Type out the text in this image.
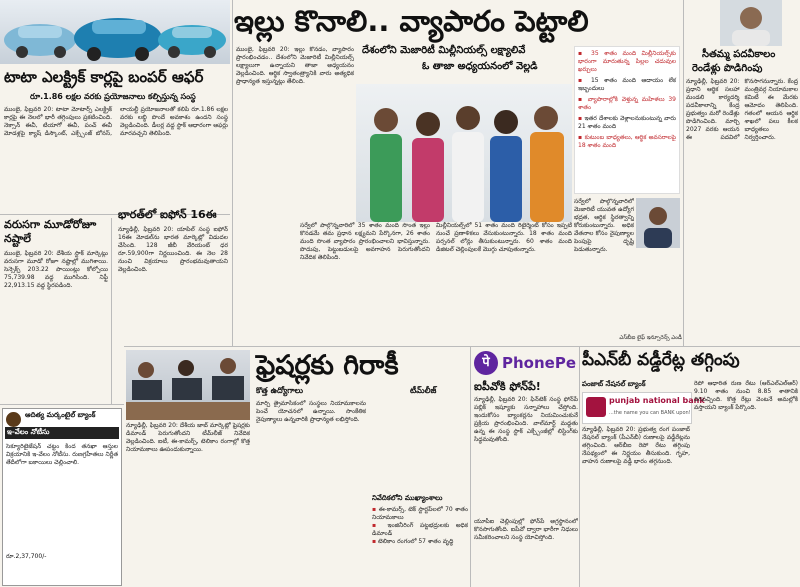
టాటా ఎలక్ట్రిక్ కార్లపై బంపర్ ఆఫర్
రూ.1.86 లక్షల వరకు ప్రయోజనాలు కల్పిస్తున్న సంస్థ
ముంబై, ఫిబ్రవరి 20: టాటా మోటార్స్ ఎలక్ట్రిక్ కార్లపై ఈ నెలలో భారీ తగ్గింపులు ప్రకటించింది. నెక్సాన్ ఈవీ, టియాగో ఈవీ, పంచ్ ఈవీ మోడళ్లపై క్యాష్ డిస్కౌంట్, ఎక్స్చేంజ్ బోనస్, లాయల్టీ ప్రయోజనాలతో కలిపి రూ.1.86 లక్షల వరకు లబ్ధి పొందే అవకాశం ఉందని సంస్థ వెల్లడించింది. డీలర్ల వద్ద స్టాక్ ఆధారంగా ఆఫర్లు మారవచ్చని తెలిపింది.
వరుసగా మూడోరోజూ నష్టాలే
ముంబై, ఫిబ్రవరి 20: దేశీయ స్టాక్ మార్కెట్లు వరుసగా మూడో రోజూ నష్టాల్లో ముగిశాయి. సెన్సెక్స్ 203.22 పాయింట్లు కోల్పోయి 75,739.98 వద్ద ముగిసింది. నిఫ్టీ 22,913.15 వద్ద స్థిరపడింది.
భారత్‌లో ఐఫోన్ 16ఈ
న్యూఢిల్లీ, ఫిబ్రవరి 20: యాపిల్ సంస్థ ఐఫోన్ 16ఈ మోడల్‌ను భారత మార్కెట్లో విడుదల చేసింది. 128 జీబీ వేరియంట్ ధర రూ.59,900గా నిర్ణయించింది. ఈ నెల 28 నుంచి విక్రయాలు ప్రారంభమవుతాయని వెల్లడించింది.
ఆదిత్య మర్కంటైల్ బ్యాంక్
ఇ-వేలం నోటీసు
సెక్యూరిటైజేషన్ చట్టం కింద తనఖా ఆస్తుల విక్రయానికి ఇ-వేలం నోటీసు. రుణగ్రహీతలు నిర్ణీత తేదీలోగా బకాయిలు చెల్లించాలి.
రూ.2,37,700/-
ఇల్లు కొనాలి.. వ్యాపారం పెట్టాలి
దేశంలోని మెజారిటీ మిల్లీనియల్స్ లక్ష్యాలివే
ఓ తాజా అధ్యయనంలో వెల్లడి
ముంబై, ఫిబ్రవరి 20: ఇల్లు కొనడం, వ్యాపారం ప్రారంభించడం.. దేశంలోని మెజారిటీ మిల్లీనియల్స్ లక్ష్యాలుగా ఉన్నాయని తాజా అధ్యయనం వెల్లడించింది. ఆర్థిక స్వాతంత్ర్యానికి వారు అత్యధిక ప్రాధాన్యత ఇస్తున్నట్లు తేలింది.
సర్వేలో పాల్గొన్నవారిలో 35 శాతం మంది సొంత ఇల్లు కొనడమే తమ ప్రధాన లక్ష్యమని పేర్కొనగా, 26 శాతం మంది సొంత వ్యాపారం ప్రారంభించాలని భావిస్తున్నారు. పొదుపు, పెట్టుబడులపై అవగాహన పెరుగుతోందని నివేదిక తెలిపింది.
మిల్లీనియల్స్‌లో 51 శాతం మంది రిటైర్మెంట్ కోసం ఇప్పటి నుంచే ప్రణాళికలు వేసుకుంటున్నారు. 18 శాతం మంది పర్సనల్ లోన్లు తీసుకుంటున్నారు. 60 శాతం మంది డిజిటల్ చెల్లింపులకే మొగ్గు చూపుతున్నారు.
▪ 35 శాతం మంది మిల్లీనియల్స్‌కు భారంగా మారుతున్న పిల్లల చదువుల ఖర్చులు
▪ 15 శాతం మంది ఆదాయం లేక ఇబ్బందులు
▪ వ్యాపారాల్లోకి వెళ్తున్న మహిళలు 39 శాతం
▪ ఇతర దేశాలకు వెళ్లాలనుకుంటున్న వారు 21 శాతం మంది
▪ కుటుంబ బాధ్యతలు, ఆర్థిక అవసరాలపై 18 శాతం మంది
సర్వేలో పాల్గొన్నవారిలో మెజారిటీ యువత ఉద్యోగ భద్రత, ఆర్థిక స్థిరత్వాన్ని కోరుకుంటున్నారు. అధిక వేతనాల కోసం నైపుణ్యాల పెంపుపై దృష్టి పెడుతున్నారు.
ఎస్‌బీఐ లైఫ్ ఇన్సూరెన్స్ ఎండీ
సీతమ్మ పదవీకాలం
రెండేళ్లు పొడిగింపు
న్యూఢిల్లీ, ఫిబ్రవరి 20: ప్రధాని ఆర్థిక సలహా మండలి కార్యదర్శి పదవీకాలాన్ని కేంద్ర ప్రభుత్వం మరో రెండేళ్లు పొడిగించింది. మార్చి 2027 వరకు ఆయన ఈ పదవిలో కొనసాగనున్నారు. కేంద్ర మంత్రివర్గ నియామకాల కమిటీ ఈ మేరకు ఆమోదం తెలిపింది. గతంలో ఆయన ఆర్థిక శాఖలో పలు కీలక బాధ్యతలు నిర్వర్తించారు.
ఫ్రెషర్లకు గిరాకీ
కొత్త ఉద్యోగాలు	టీమ్‌లీజ్
న్యూఢిల్లీ, ఫిబ్రవరి 20: దేశీయ జాబ్ మార్కెట్లో ఫ్రెషర్లకు డిమాండ్ పెరుగుతోందని టీమ్‌లీజ్ నివేదిక వెల్లడించింది. ఐటీ, ఈ-కామర్స్, టెలికాం రంగాల్లో కొత్త నియామకాలు ఊపందుకున్నాయి.
మార్చి త్రైమాసికంలో సంస్థలు నియామకాలను పెంచే యోచనలో ఉన్నాయి. సాంకేతిక నైపుణ్యాలు ఉన్నవారికి ప్రాధాన్యత లభిస్తోంది.
నివేదికలోని ముఖ్యాంశాలు
▪ ఈ-కామర్స్, టెక్ స్టార్టప్‌లలో 70 శాతం నియామకాలు
▪ ఇంజినీరింగ్ పట్టభద్రులకు అధిక డిమాండ్
▪ టెలికాం రంగంలో 57 శాతం వృద్ధి
पे PhonePe
ఐపీవోకి ఫోన్‌పే!
న్యూఢిల్లీ, ఫిబ్రవరి 20: ఫిన్‌టెక్ సంస్థ ఫోన్‌పే పబ్లిక్ ఇష్యూకు సన్నాహాలు చేస్తోంది. ఇందుకోసం బ్యాంకర్లను నియమించుకునే ప్రక్రియ ప్రారంభించింది. వాల్‌మార్ట్ మద్దతు ఉన్న ఈ సంస్థ స్టాక్ ఎక్స్చేంజీల్లో లిస్టింగ్‌కు సిద్ధమవుతోంది.
యూపీఐ చెల్లింపుల్లో ఫోన్‌పే అగ్రస్థానంలో కొనసాగుతోంది. ఐపీవో ద్వారా భారీగా నిధులు సమీకరించాలని సంస్థ యోచిస్తోంది.
పీఎన్‌బీ వడ్డీరేట్ల తగ్గింపు
పంజాబ్ నేషనల్ బ్యాంక్
punjab national bank
...the name you can BANK upon!
న్యూఢిల్లీ, ఫిబ్రవరి 20: ప్రభుత్వ రంగ పంజాబ్ నేషనల్ బ్యాంక్ (పీఎన్‌బీ) రుణాలపై వడ్డీరేట్లను తగ్గించింది. ఆర్‌బీఐ రెపో రేటు తగ్గింపు నేపథ్యంలో ఈ నిర్ణయం తీసుకుంది. గృహ, వాహన రుణాలపై వడ్డీ భారం తగ్గనుంది.
రెపో ఆధారిత రుణ రేటు (ఆర్‌ఎల్‌ఎల్‌ఆర్) 9.10 శాతం నుంచి 8.85 శాతానికి దిగివచ్చింది. కొత్త రేట్లు వెంటనే అమల్లోకి వస్తాయని బ్యాంక్ పేర్కొంది.
